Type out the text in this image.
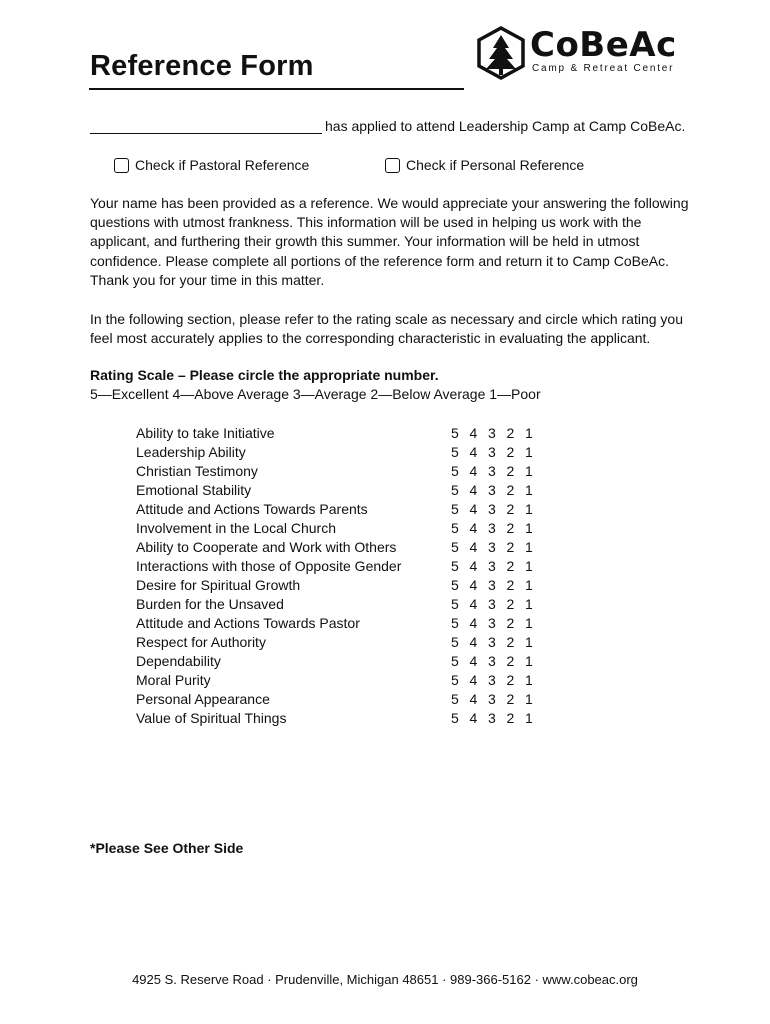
Reference Form
CoBeAc
Camp & Retreat Center
has applied to attend Leadership Camp at Camp CoBeAc.
Check if Pastoral Reference	Check if Personal Reference
Your name has been provided as a reference. We would appreciate your answering the following questions with utmost frankness. This information will be used in helping us work with the applicant, and furthering their growth this summer. Your information will be held in utmost confidence. Please complete all portions of the reference form and return it to Camp CoBeAc. Thank you for your time in this matter.
In the following section, please refer to the rating scale as necessary and circle which rating you feel most accurately applies to the corresponding characteristic in evaluating the applicant.
Rating Scale – Please circle the appropriate number.
5—Excellent 4—Above Average 3—Average 2—Below Average 1—Poor
Ability to take Initiative	5 4 3 2 1
Leadership Ability	5 4 3 2 1
Christian Testimony	5 4 3 2 1
Emotional Stability	5 4 3 2 1
Attitude and Actions Towards Parents	5 4 3 2 1
Involvement in the Local Church	5 4 3 2 1
Ability to Cooperate and Work with Others	5 4 3 2 1
Interactions with those of Opposite Gender	5 4 3 2 1
Desire for Spiritual Growth	5 4 3 2 1
Burden for the Unsaved	5 4 3 2 1
Attitude and Actions Towards Pastor	5 4 3 2 1
Respect for Authority	5 4 3 2 1
Dependability	5 4 3 2 1
Moral Purity	5 4 3 2 1
Personal Appearance	5 4 3 2 1
Value of Spiritual Things	5 4 3 2 1
*Please See Other Side
4925 S. Reserve Road · Prudenville, Michigan 48651 · 989-366-5162 · www.cobeac.org
